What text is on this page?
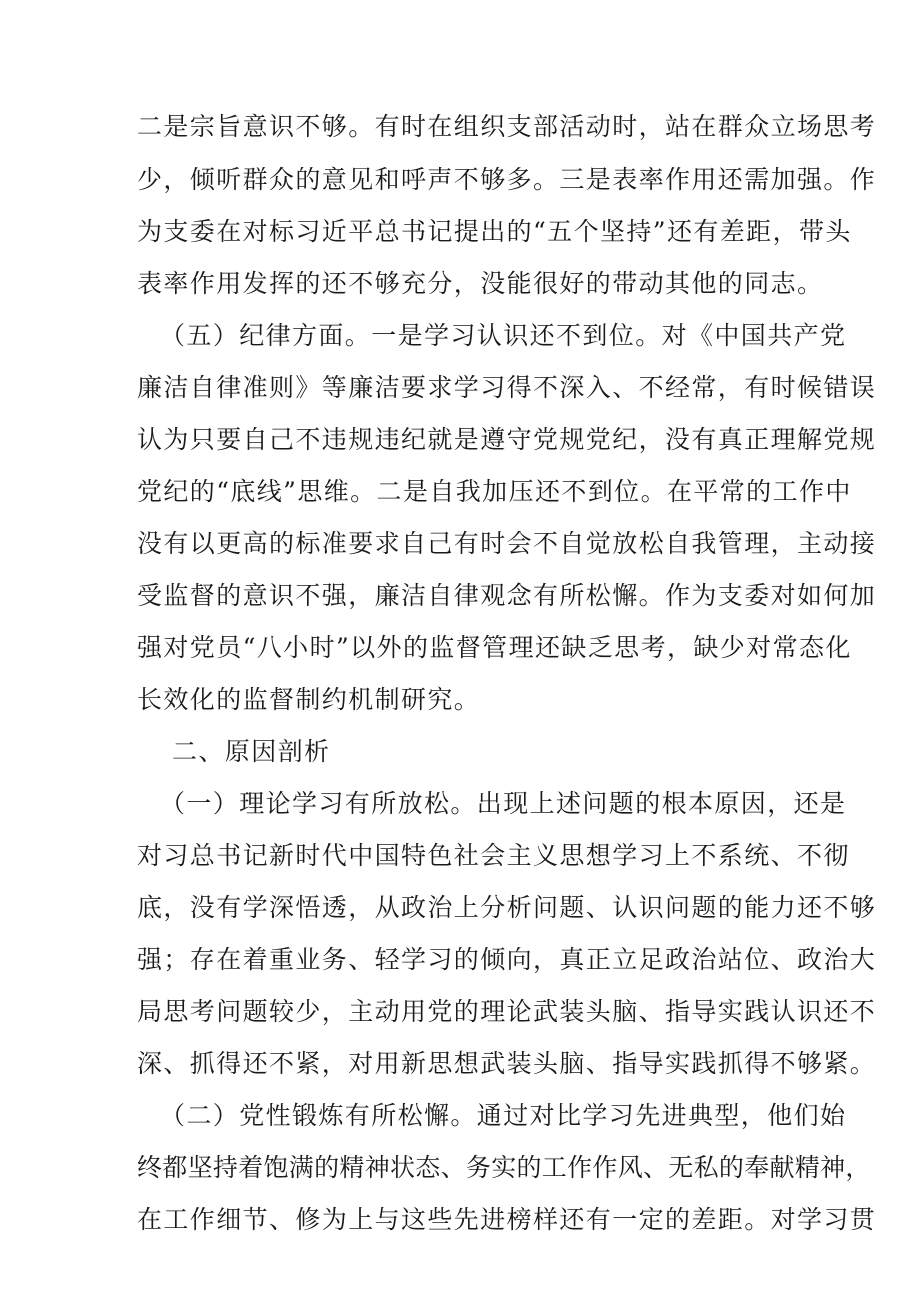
二是宗旨意识不够。有时在组织支部活动时，站在群众立场思考
少，倾听群众的意见和呼声不够多。三是表率作用还需加强。作
为支委在对标习近平总书记提出的“五个坚持”还有差距，带头
表率作用发挥的还不够充分，没能很好的带动其他的同志。
（五）纪律方面。一是学习认识还不到位。对《中国共产党
廉洁自律准则》等廉洁要求学习得不深入、不经常，有时候错误
认为只要自己不违规违纪就是遵守党规党纪，没有真正理解党规
党纪的“底线”思维。二是自我加压还不到位。在平常的工作中
没有以更高的标准要求自己有时会不自觉放松自我管理，主动接
受监督的意识不强，廉洁自律观念有所松懈。作为支委对如何加
强对党员“八小时”以外的监督管理还缺乏思考，缺少对常态化
长效化的监督制约机制研究。
二、原因剖析
（一）理论学习有所放松。出现上述问题的根本原因，还是
对习总书记新时代中国特色社会主义思想学习上不系统、不彻
底，没有学深悟透，从政治上分析问题、认识问题的能力还不够
强；存在着重业务、轻学习的倾向，真正立足政治站位、政治大
局思考问题较少，主动用党的理论武装头脑、指导实践认识还不
深、抓得还不紧，对用新思想武装头脑、指导实践抓得不够紧。
（二）党性锻炼有所松懈。通过对比学习先进典型，他们始
终都坚持着饱满的精神状态、务实的工作作风、无私的奉献精神，
在工作细节、修为上与这些先进榜样还有一定的差距。对学习贯
